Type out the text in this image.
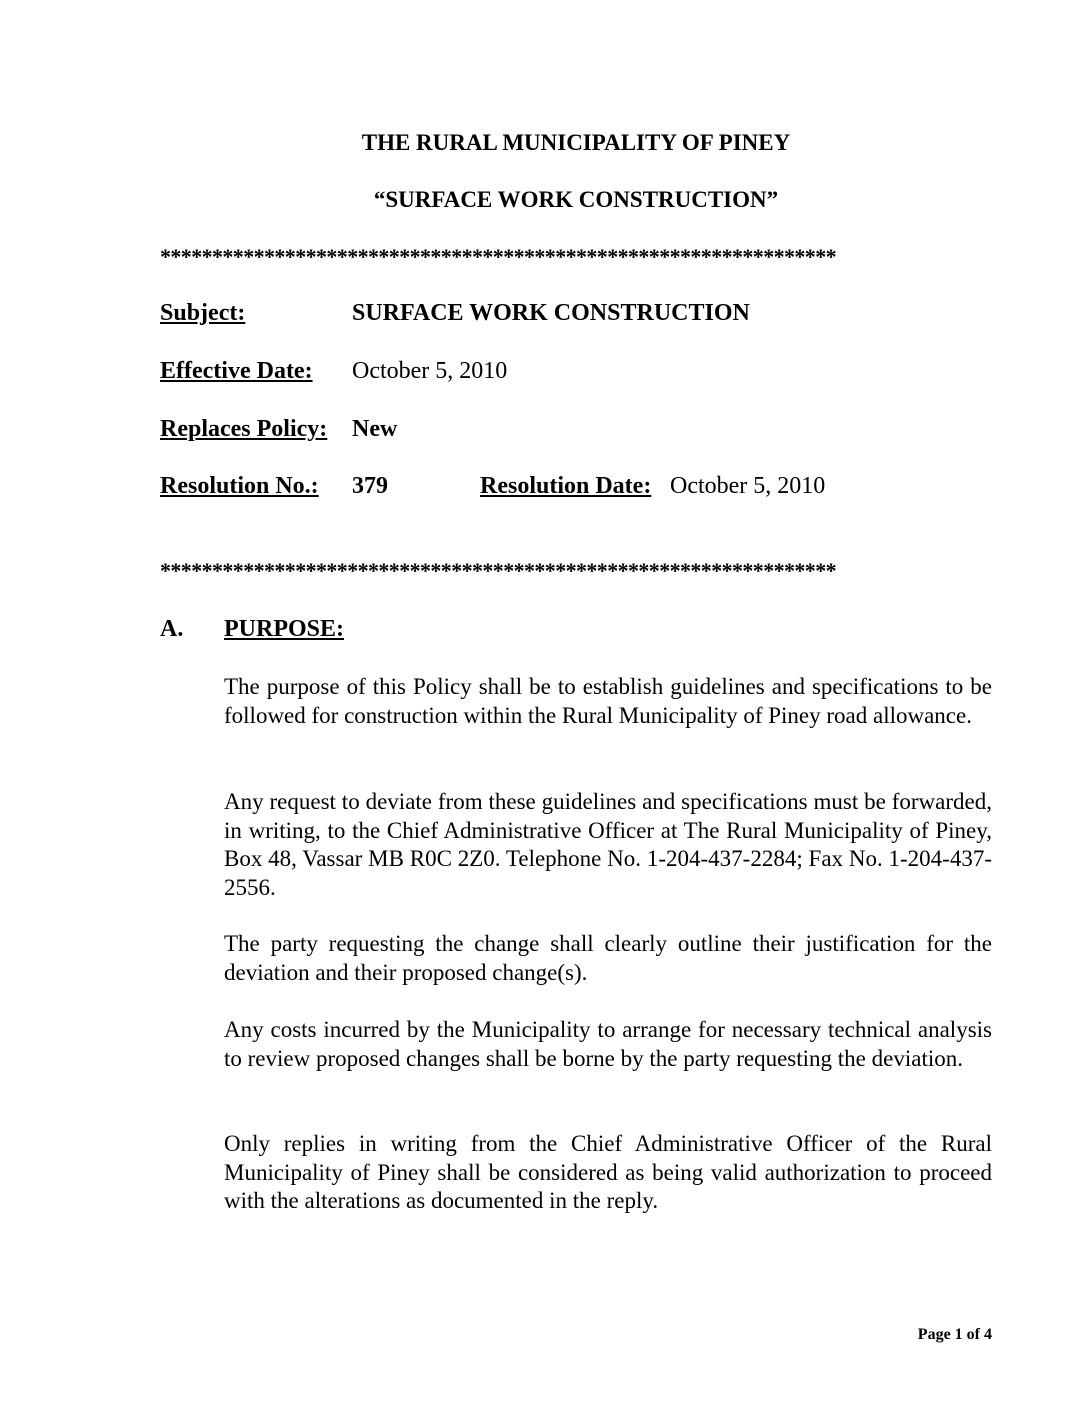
THE RURAL MUNICIPALITY OF PINEY
“SURFACE WORK CONSTRUCTION”
*****************************************************************
Subject:	SURFACE WORK CONSTRUCTION
Effective Date: October 5, 2010
Replaces Policy: New
Resolution No.: 379	Resolution Date: October 5, 2010
*****************************************************************
A. PURPOSE:
The purpose of this Policy shall be to establish guidelines and specifications to be followed for construction within the Rural Municipality of Piney road allowance.
Any request to deviate from these guidelines and specifications must be forwarded, in writing, to the Chief Administrative Officer at The Rural Municipality of Piney, Box 48, Vassar MB R0C 2Z0. Telephone No. 1-204-437-2284; Fax No. 1-204-437-2556.
The party requesting the change shall clearly outline their justification for the deviation and their proposed change(s).
Any costs incurred by the Municipality to arrange for necessary technical analysis to review proposed changes shall be borne by the party requesting the deviation.
Only replies in writing from the Chief Administrative Officer of the Rural Municipality of Piney shall be considered as being valid authorization to proceed with the alterations as documented in the reply.
Page 1 of 4
